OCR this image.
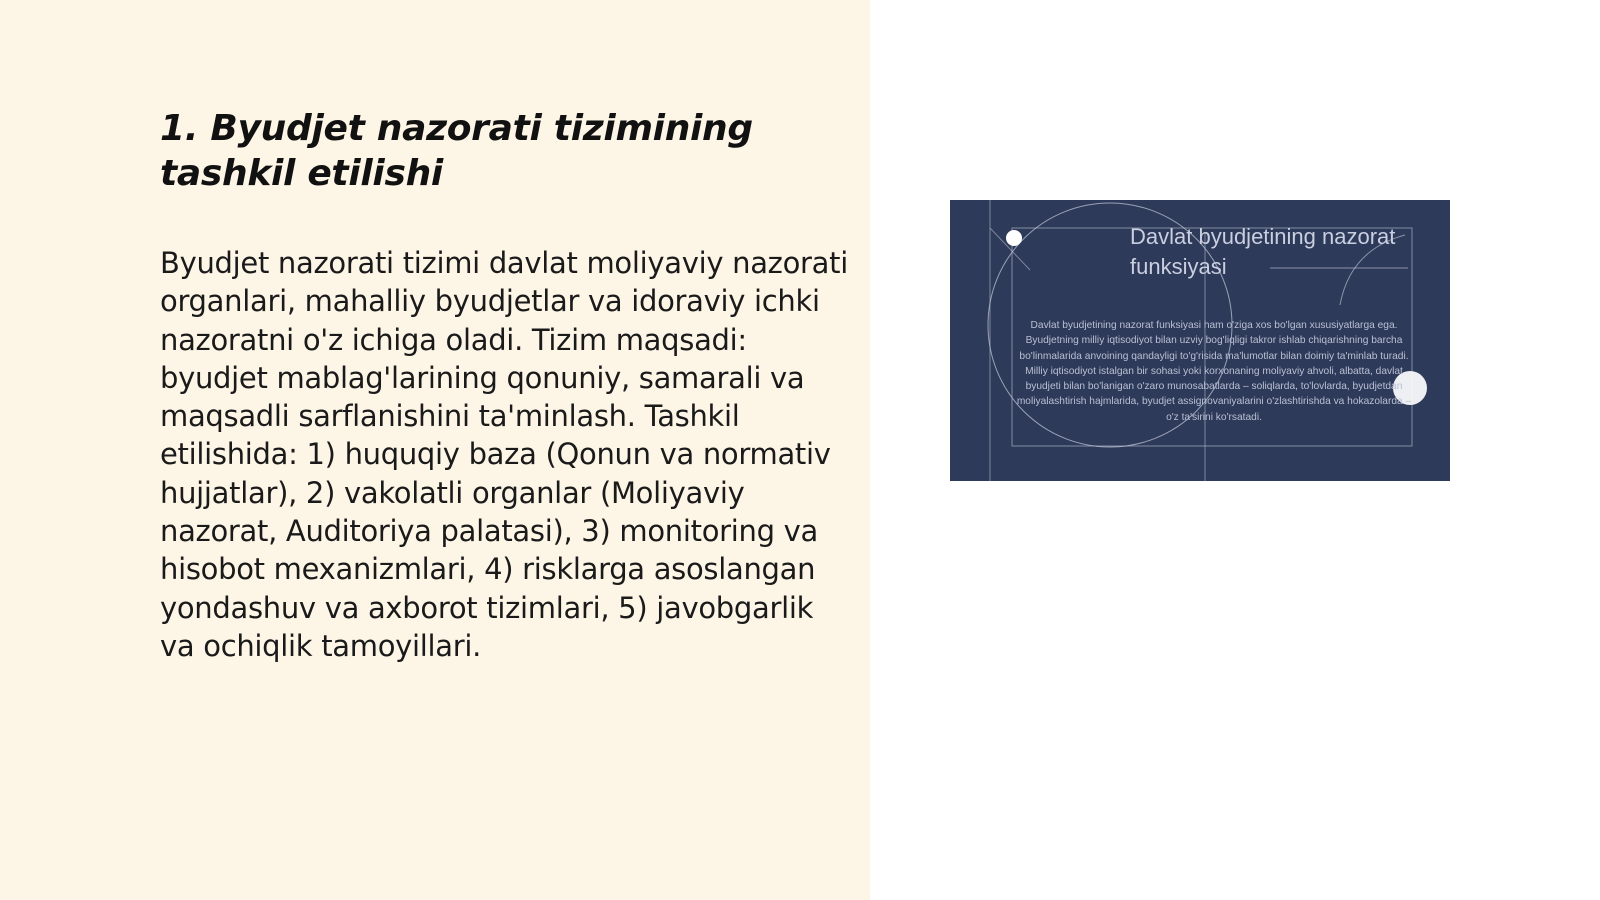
1. Byudjet nazorati tizimining tashkil etilishi

Byudjet nazorati tizimi davlat moliyaviy nazorati organlari, mahalliy byudjetlar va idoraviy ichki nazoratni o'z ichiga oladi. Tizim maqsadi: byudjet mablag'larining qonuniy, samarali va maqsadli sarflanishini ta'minlash. Tashkil etilishida: 1) huquqiy baza (Qonun va normativ hujjatlar), 2) vakolatli organlar (Moliyaviy nazorat, Auditoriya palatasi), 3) monitoring va hisobot mexanizmlari, 4) risklarga asoslangan yondashuv va axborot tizimlari, 5) javobgarlik va ochiqlik tamoyillari.

Davlat byudjetining nazorat funksiyasi

Davlat byudjetining nazorat funksiyasi ham o'ziga xos bo'lgan xususiyatlarga ega. Byudjetning milliy iqtisodiyot bilan uzviy bog'liqligi takror ishlab chiqarishning barcha bo'linmalarida anvoining qandayligi to'g'risida ma'lumotlar bilan doimiy ta'minlab turadi. Milliy iqtisodiyot istalgan bir sohasi yoki korxonaning moliyaviy ahvoli, albatta, davlat byudjeti bilan bo'lanigan o'zaro munosabatlarda – soliqlarda, to'lovlarda, byudjetdan moliyalashtirish hajmlarida, byudjet assignovaniyalarini o'zlashtirishda va hokazolarda – o'z ta'sirini ko'rsatadi.
